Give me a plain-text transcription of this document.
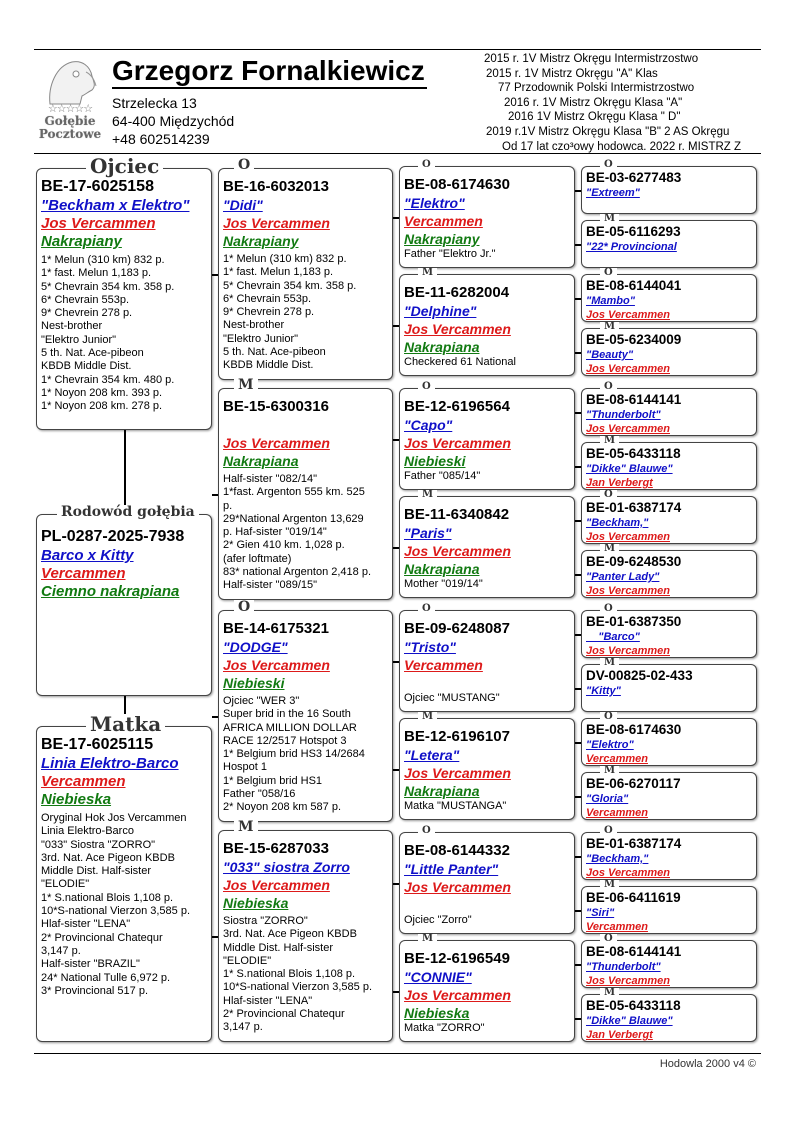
☆☆☆☆☆
Gołębie
Pocztowe
Grzegorz Fornalkiewicz
Strzelecka 13
64-400 Międzychód
+48 602514239
2015 r. 1V Mistrz Okręgu Intermistrzostwo
2015 r. 1V Mistrz Okręgu "A" Klas
77 Przodownik Polski Intermistrzostwo
2016 r. 1V Mistrz Okręgu Klasa "A"
2016 1V Mistrz Okręgu Klasa " D"
2019 r.1V Mistrz Okręgu Klasa "B" 2 AS Okręgu
Od 17 lat czo³owy hodowca. 2022 r. MISTRZ Z
BE-17-6025158
"Beckham x Elektro"
Jos Vercammen
Nakrapiany
1* Melun (310 km) 832 p.
1* fast. Melun 1,183 p.
5* Chevrain 354 km. 358 p.
6* Chevrain 553p.
9* Chevrein 278 p.
Nest-brother
"Elektro Junior"
5 th. Nat. Ace-pibeon
KBDB Middle Dist.
1* Chevrain 354 km. 480 p.
1* Noyon 208 km. 393 p.
1* Noyon 208 km. 278 p.
Ojciec
PL-0287-2025-7938
Barco x Kitty
Vercammen
Ciemno nakrapiana
Rodowód gołębia
BE-17-6025115
Linia Elektro-Barco
Vercammen
Niebieska
Oryginal Hok Jos Vercammen
Linia Elektro-Barco
"033" Siostra "ZORRO"
3rd. Nat. Ace Pigeon KBDB
Middle Dist. Half-sister
"ELODIE"
1* S.national Blois 1,108 p.
10*S-national Vierzon 3,585 p.
Hlaf-sister "LENA"
2* Provincional Chatequr
3,147 p.
Half-sister "BRAZIL"
24* National Tulle 6,972 p.
3* Provincional 517 p.
Matka
BE-16-6032013
"Didi"
Jos Vercammen
Nakrapiany
1* Melun (310 km) 832 p.
1* fast. Melun 1,183 p.
5* Chevrain 354 km. 358 p.
6* Chevrain 553p.
9* Chevrein 278 p.
Nest-brother
"Elektro Junior"
5 th. Nat. Ace-pibeon
KBDB Middle Dist.
O
BE-15-6300316
Jos Vercammen
Nakrapiana
Half-sister "082/14"
1*fast. Argenton 555 km. 525
p.
29*National Argenton 13,629
p. Haf-sister "019/14"
2* Gien 410 km. 1,028 p.
(afer loftmate)
83* national Argenton 2,418 p.
Half-sister "089/15"
M
BE-14-6175321
"DODGE"
Jos Vercammen
Niebieski
Ojciec "WER 3"
Super brid in the 16 South
AFRICA MILLION DOLLAR
RACE 12/2517 Hotspot 3
1* Belgium brid HS3 14/2684
Hospot 1
1* Belgium brid HS1
Father "058/16
2* Noyon 208 km 587 p.
O
BE-15-6287033
"033" siostra Zorro
Jos Vercammen
Niebieska
Siostra "ZORRO"
3rd. Nat. Ace Pigeon KBDB
Middle Dist. Half-sister
"ELODIE"
1* S.national Blois 1,108 p.
10*S-national Vierzon 3,585 p.
Hlaf-sister "LENA"
2* Provincional Chatequr
3,147 p.
M
BE-08-6174630
"Elektro"
Vercammen
Nakrapiany
Father "Elektro Jr."
O
BE-11-6282004
"Delphine"
Jos Vercammen
Nakrapiana
Checkered 61 National
M
BE-12-6196564
"Capo"
Jos Vercammen
Niebieski
Father "085/14"
O
BE-11-6340842
"Paris"
Jos Vercammen
Nakrapiana
Mother "019/14"
M
BE-09-6248087
"Tristo"
Vercammen
Ojciec "MUSTANG"
O
BE-12-6196107
"Letera"
Jos Vercammen
Nakrapiana
Matka "MUSTANGA"
M
BE-08-6144332
"Little Panter"
Jos Vercammen
Ojciec "Zorro"
O
BE-12-6196549
"CONNIE"
Jos Vercammen
Niebieska
Matka "ZORRO"
M
BE-03-6277483
"Extreem"
O
BE-05-6116293
"22* Provincional
M
BE-08-6144041
"Mambo"
Jos Vercammen
O
BE-05-6234009
"Beauty"
Jos Vercammen
M
BE-08-6144141
"Thunderbolt"
Jos Vercammen
O
BE-05-6433118
"Dikke" Blauwe"
Jan Verbergt
M
BE-01-6387174
"Beckham,"
Jos Vercammen
O
BE-09-6248530
"Panter Lady"
Jos Vercammen
M
BE-01-6387350
"Barco"
Jos Vercammen
O
DV-00825-02-433
"Kitty"
M
BE-08-6174630
"Elektro"
Vercammen
O
BE-06-6270117
"Gloria"
Vercammen
M
BE-01-6387174
"Beckham,"
Jos Vercammen
O
BE-06-6411619
"Siri"
Vercammen
M
BE-08-6144141
"Thunderbolt"
Jos Vercammen
O
BE-05-6433118
"Dikke" Blauwe"
Jan Verbergt
M
Hodowla 2000 v4 ©
